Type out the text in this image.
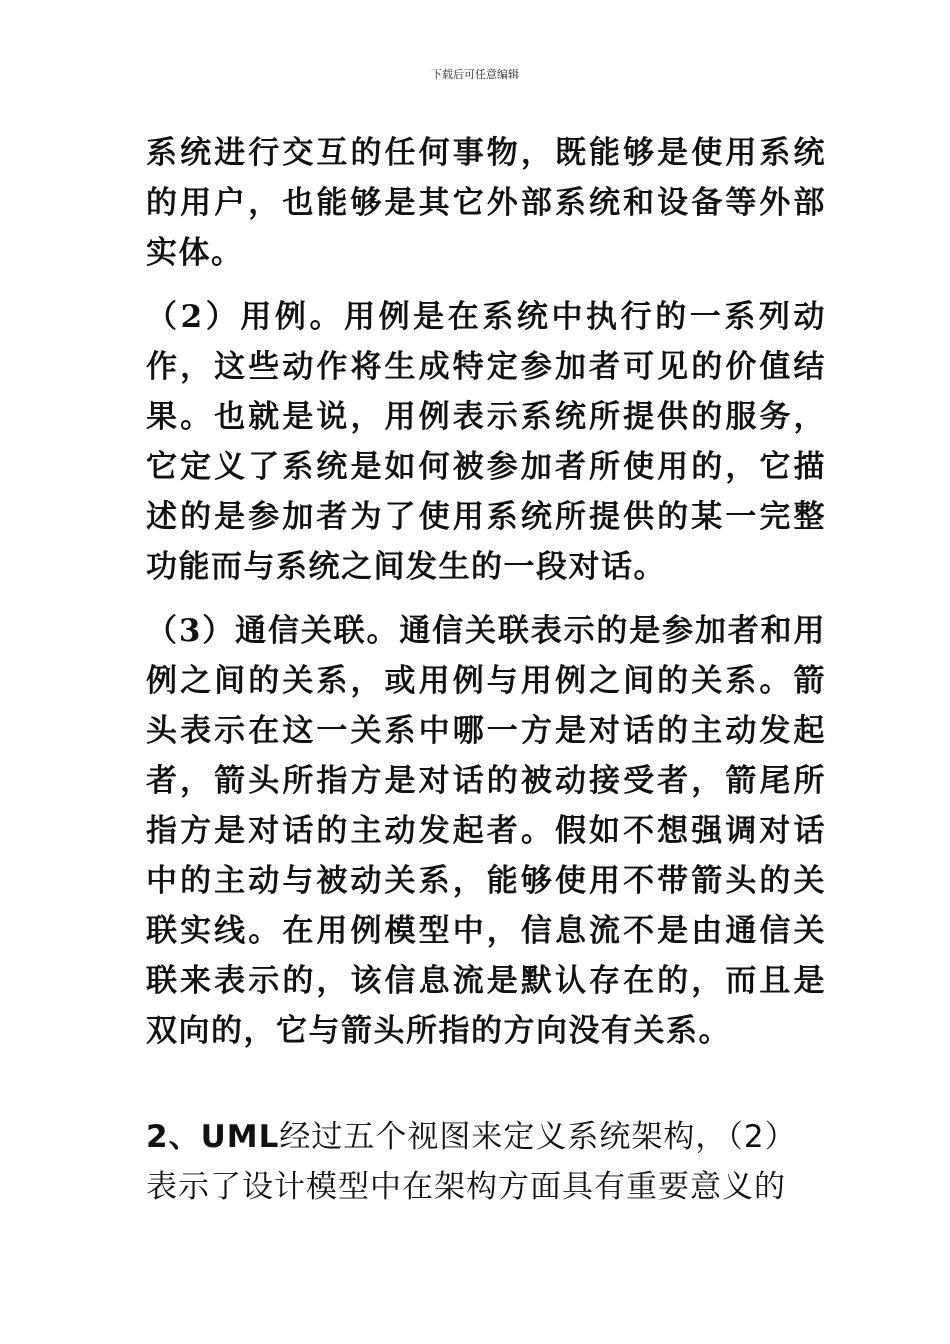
下载后可任意编辑

系统进行交互的任何事物，既能够是使用系统的用户，也能够是其它外部系统和设备等外部实体。

（2）用例。用例是在系统中执行的一系列动作，这些动作将生成特定参加者可见的价值结果。也就是说，用例表示系统所提供的服务，它定义了系统是如何被参加者所使用的，它描述的是参加者为了使用系统所提供的某一完整功能而与系统之间发生的一段对话。

（3）通信关联。通信关联表示的是参加者和用例之间的关系，或用例与用例之间的关系。箭头表示在这一关系中哪一方是对话的主动发起者，箭头所指方是对话的被动接受者，箭尾所指方是对话的主动发起者。假如不想强调对话中的主动与被动关系，能够使用不带箭头的关联实线。在用例模型中，信息流不是由通信关联来表示的，该信息流是默认存在的，而且是双向的，它与箭头所指的方向没有关系。

2、UML经过五个视图来定义系统架构，（2）表示了设计模型中在架构方面具有重要意义的
